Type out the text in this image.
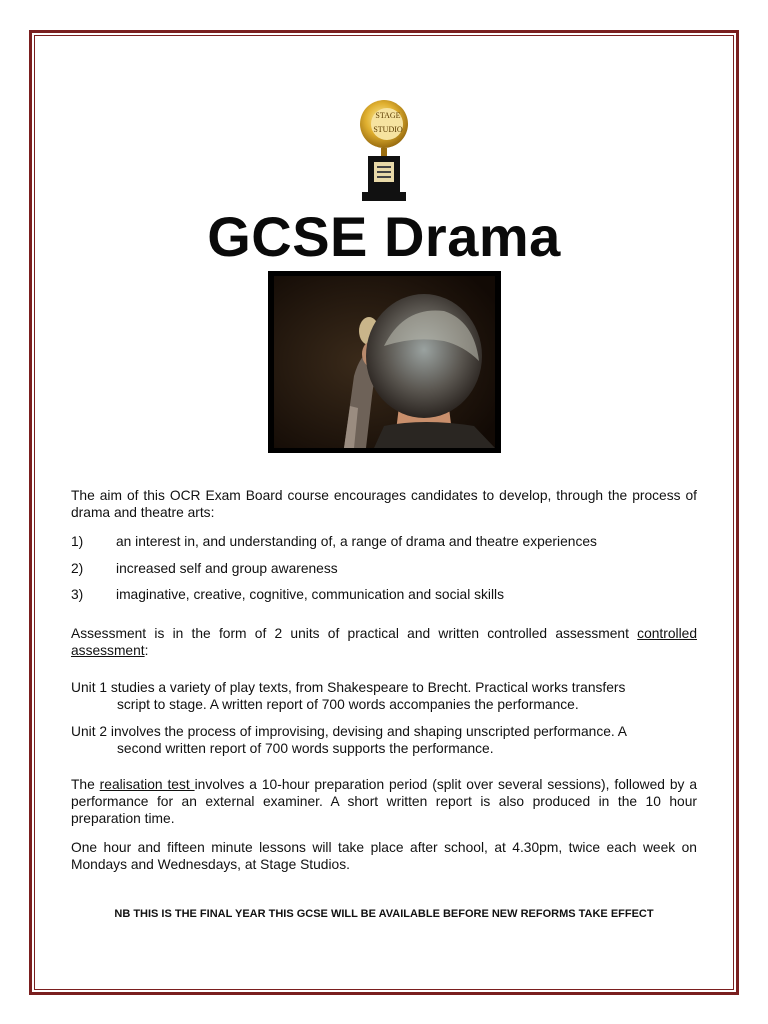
STAGE
STUDIO
GCSE Drama
The aim of this OCR Exam Board course encourages candidates to develop, through the process of drama and theatre arts:
1) an interest in, and understanding of, a range of drama and theatre experiences
2) increased self and group awareness
3) imaginative, creative, cognitive, communication and social skills
Assessment is in the form of 2 units of practical and written controlled assessment controlled assessment:
Unit 1 studies a variety of play texts, from Shakespeare to Brecht. Practical works transfers
script to stage. A written report of 700 words accompanies the performance.
Unit 2 involves the process of improvising, devising and shaping unscripted performance. A
second written report of 700 words supports the performance.
The realisation test involves a 10-hour preparation period (split over several sessions), followed by a performance for an external examiner. A short written report is also produced in the 10 hour preparation time.
One hour and fifteen minute lessons will take place after school, at 4.30pm, twice each week on Mondays and Wednesdays, at Stage Studios.
NB THIS IS THE FINAL YEAR THIS GCSE WILL BE AVAILABLE BEFORE NEW REFORMS TAKE EFFECT
